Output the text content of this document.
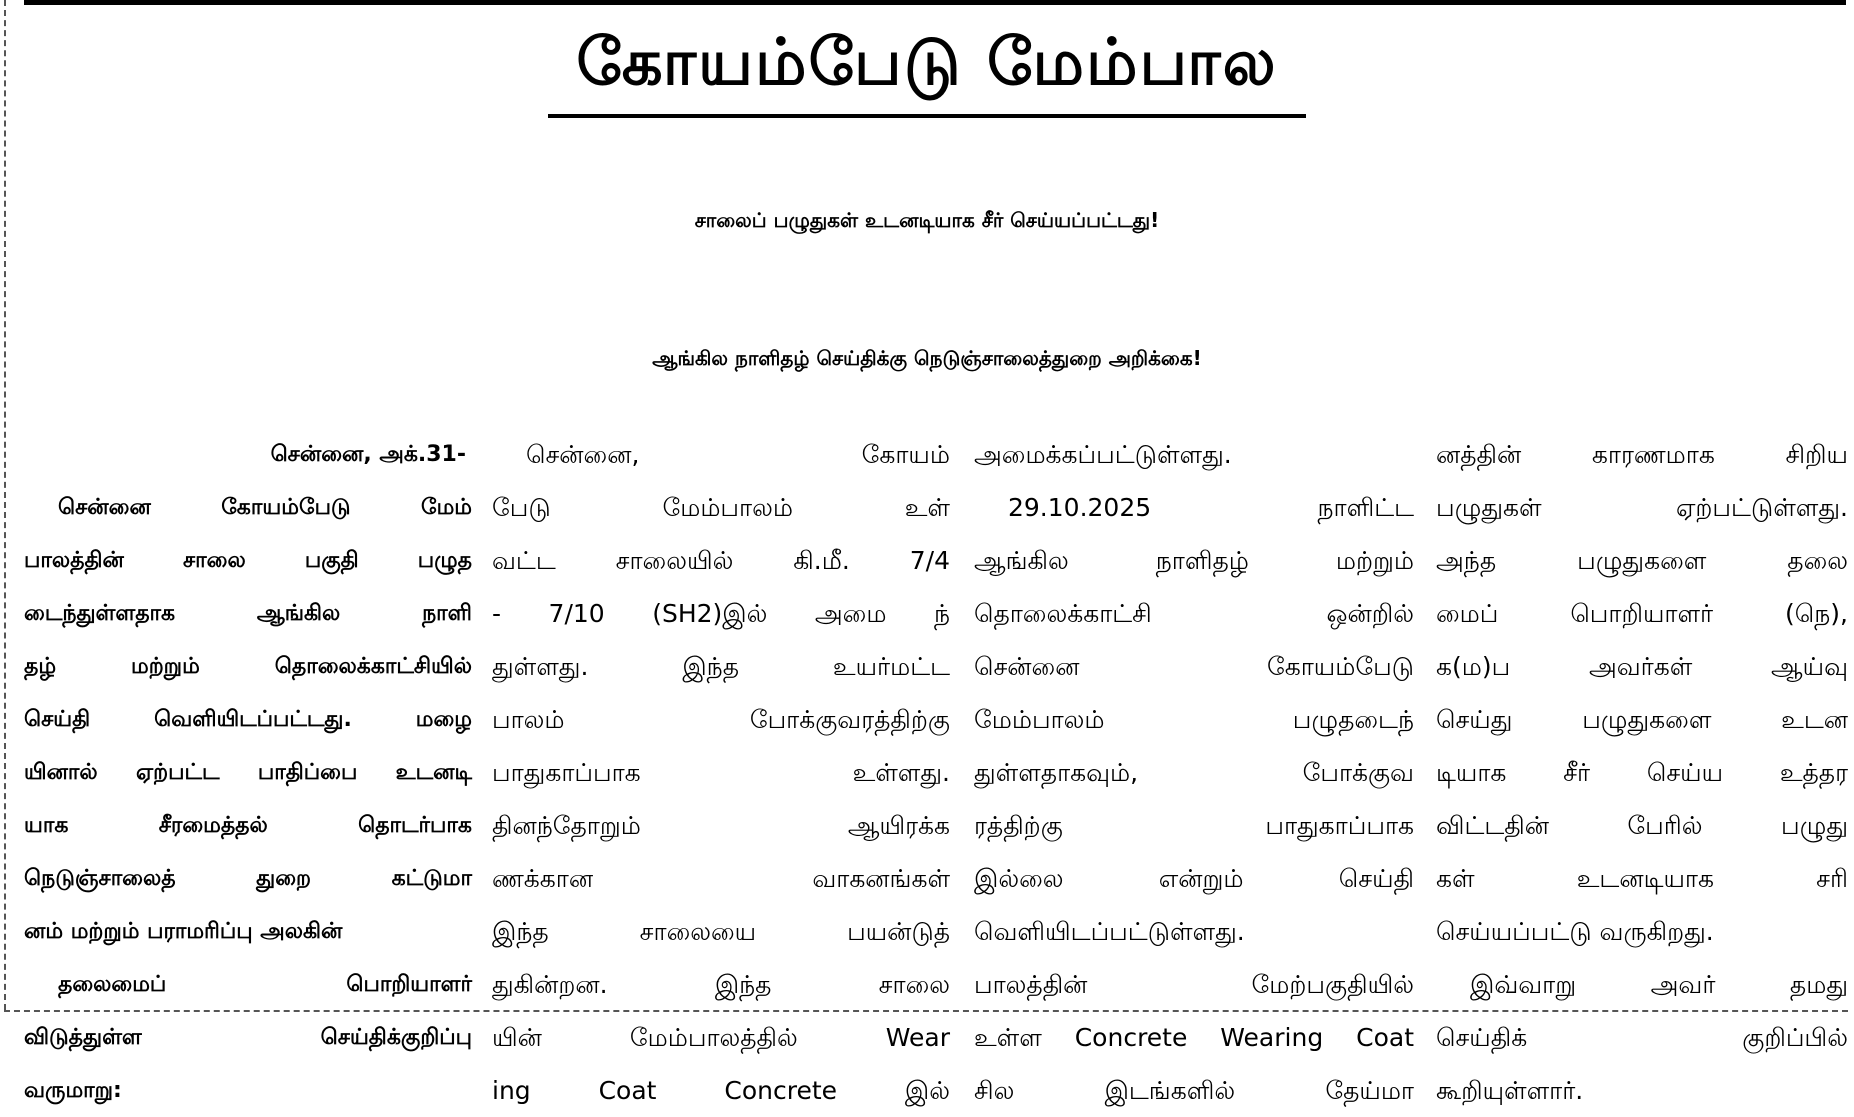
கோயம்பேடு மேம்பால
சாலைப் பழுதுகள் உடனடியாக சீர் செய்யப்பட்டது!
ஆங்கில நாளிதழ் செய்திக்கு நெடுஞ்சாலைத்துறை அறிக்கை!
சென்னை, அக்.31-
சென்னை கோயம்பேடு மேம்
பாலத்தின் சாலை பகுதி பழுத
டைந்துள்ளதாக ஆங்கில நாளி
தழ் மற்றும் தொலைக்காட்சியில்
செய்தி வெளியிடப்பட்டது. மழை
யினால் ஏற்பட்ட பாதிப்பை உடனடி
யாக சீரமைத்தல் தொடர்பாக
நெடுஞ்சாலைத் துறை கட்டுமா
னம் மற்றும் பராமரிப்பு அலகின்
தலைமைப் பொறியாளர்
விடுத்துள்ள செய்திக்குறிப்பு
வருமாறு:
சென்னை, கோயம்
பேடு மேம்பாலம் உள்
வட்ட சாலையில் கி.மீ. 7/4
- 7/10 (SH2)இல் அமை ந்
துள்ளது. இந்த உயர்மட்ட
பாலம் போக்குவரத்திற்கு
பாதுகாப்பாக உள்ளது.
தினந்தோறும் ஆயிரக்க
ணக்கான வாகனங்கள்
இந்த சாலையை பயன்டுத்
துகின்றன. இந்த சாலை
யின் மேம்பாலத்தில் Wear
ing Coat Concrete இல்
அமைக்கப்பட்டுள்ளது.
29.10.2025 நாளிட்ட
ஆங்கில நாளிதழ் மற்றும்
தொலைக்காட்சி ஒன்றில்
சென்னை கோயம்பேடு
மேம்பாலம் பழுதடைந்
துள்ளதாகவும், போக்குவ
ரத்திற்கு பாதுகாப்பாக
இல்லை என்றும் செய்தி
வெளியிடப்பட்டுள்ளது.
பாலத்தின் மேற்பகுதியில்
உள்ள Concrete Wearing Coat
சில இடங்களில் தேய்மா
னத்தின் காரணமாக சிறிய
பழுதுகள் ஏற்பட்டுள்ளது.
அந்த பழுதுகளை தலை
மைப் பொறியாளர் (நெ),
க(ம)ப அவர்கள் ஆய்வு
செய்து பழுதுகளை உடன
டியாக சீர் செய்ய உத்தர
விட்டதின் பேரில் பழுது
கள் உடனடியாக சரி
செய்யப்பட்டு வருகிறது.
இவ்வாறு அவர் தமது
செய்திக் குறிப்பில்
கூறியுள்ளார்.
